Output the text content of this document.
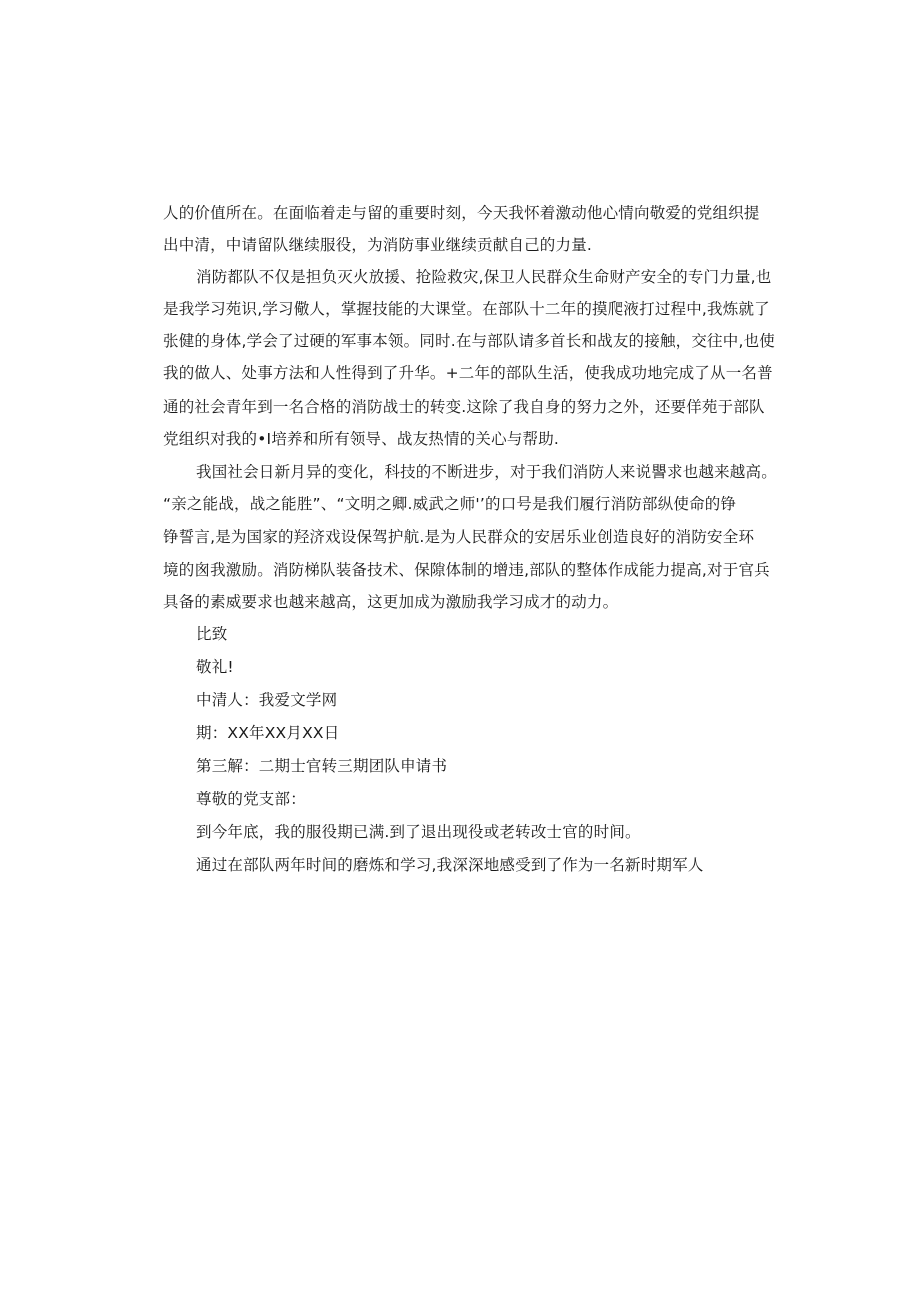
人的价值所在。在面临着走与留的重要时刻，今天我怀着激动他心情向敬爱的党组织提
出中清，中请留队继续服役，为消防事业继续贡献自己的力量.
消防都队不仅是担负灭火放援、抢险救灾,保卫人民群众生命财产安全的专门力量,也
是我学习苑识,学习儆人，掌握技能的大课堂。在部队十二年的摸爬液打过程中,我炼就了
张健的身体,学会了过硬的军事本领。同时.在与部队请多首长和战友的接触，交往中,也使
我的做人、处事方法和人性得到了升华。+二年的部队生活，使我成功地完成了从一名普
通的社会青年到一名合格的消防战士的转变.这除了我自身的努力之外，还要佯苑于部队
党组织对我的•I培养和所有领导、战友热情的关心与帮助.
我国社会日新月异的变化，科技的不断进步，对于我们消防人来说譻求也越来越高。
“亲之能战，战之能胜”、“文明之卿.威武之师'’的口号是我们履行消防部纵使命的铮
铮誓言,是为国家的羟济戏设保驾护航.是为人民群众的安居乐业创造良好的消防安全环
境的囪我激励。消防梯队装备技术、保隙体制的增违,部队的整体作成能力提高,对于官兵
具备的素威要求也越来越高，这更加成为激励我学习成才的动力。
比致
敬礼!
中清人：我爱文学网
期：XX年XX月XX日
第三解：二期士官转三期团队申请书
尊敬的党支部：
到今年底，我的服役期已满.到了退出现役或老转改士官的时间。
通过在部队两年时间的磨炼和学习,我深深地感受到了作为一名新时期军人
